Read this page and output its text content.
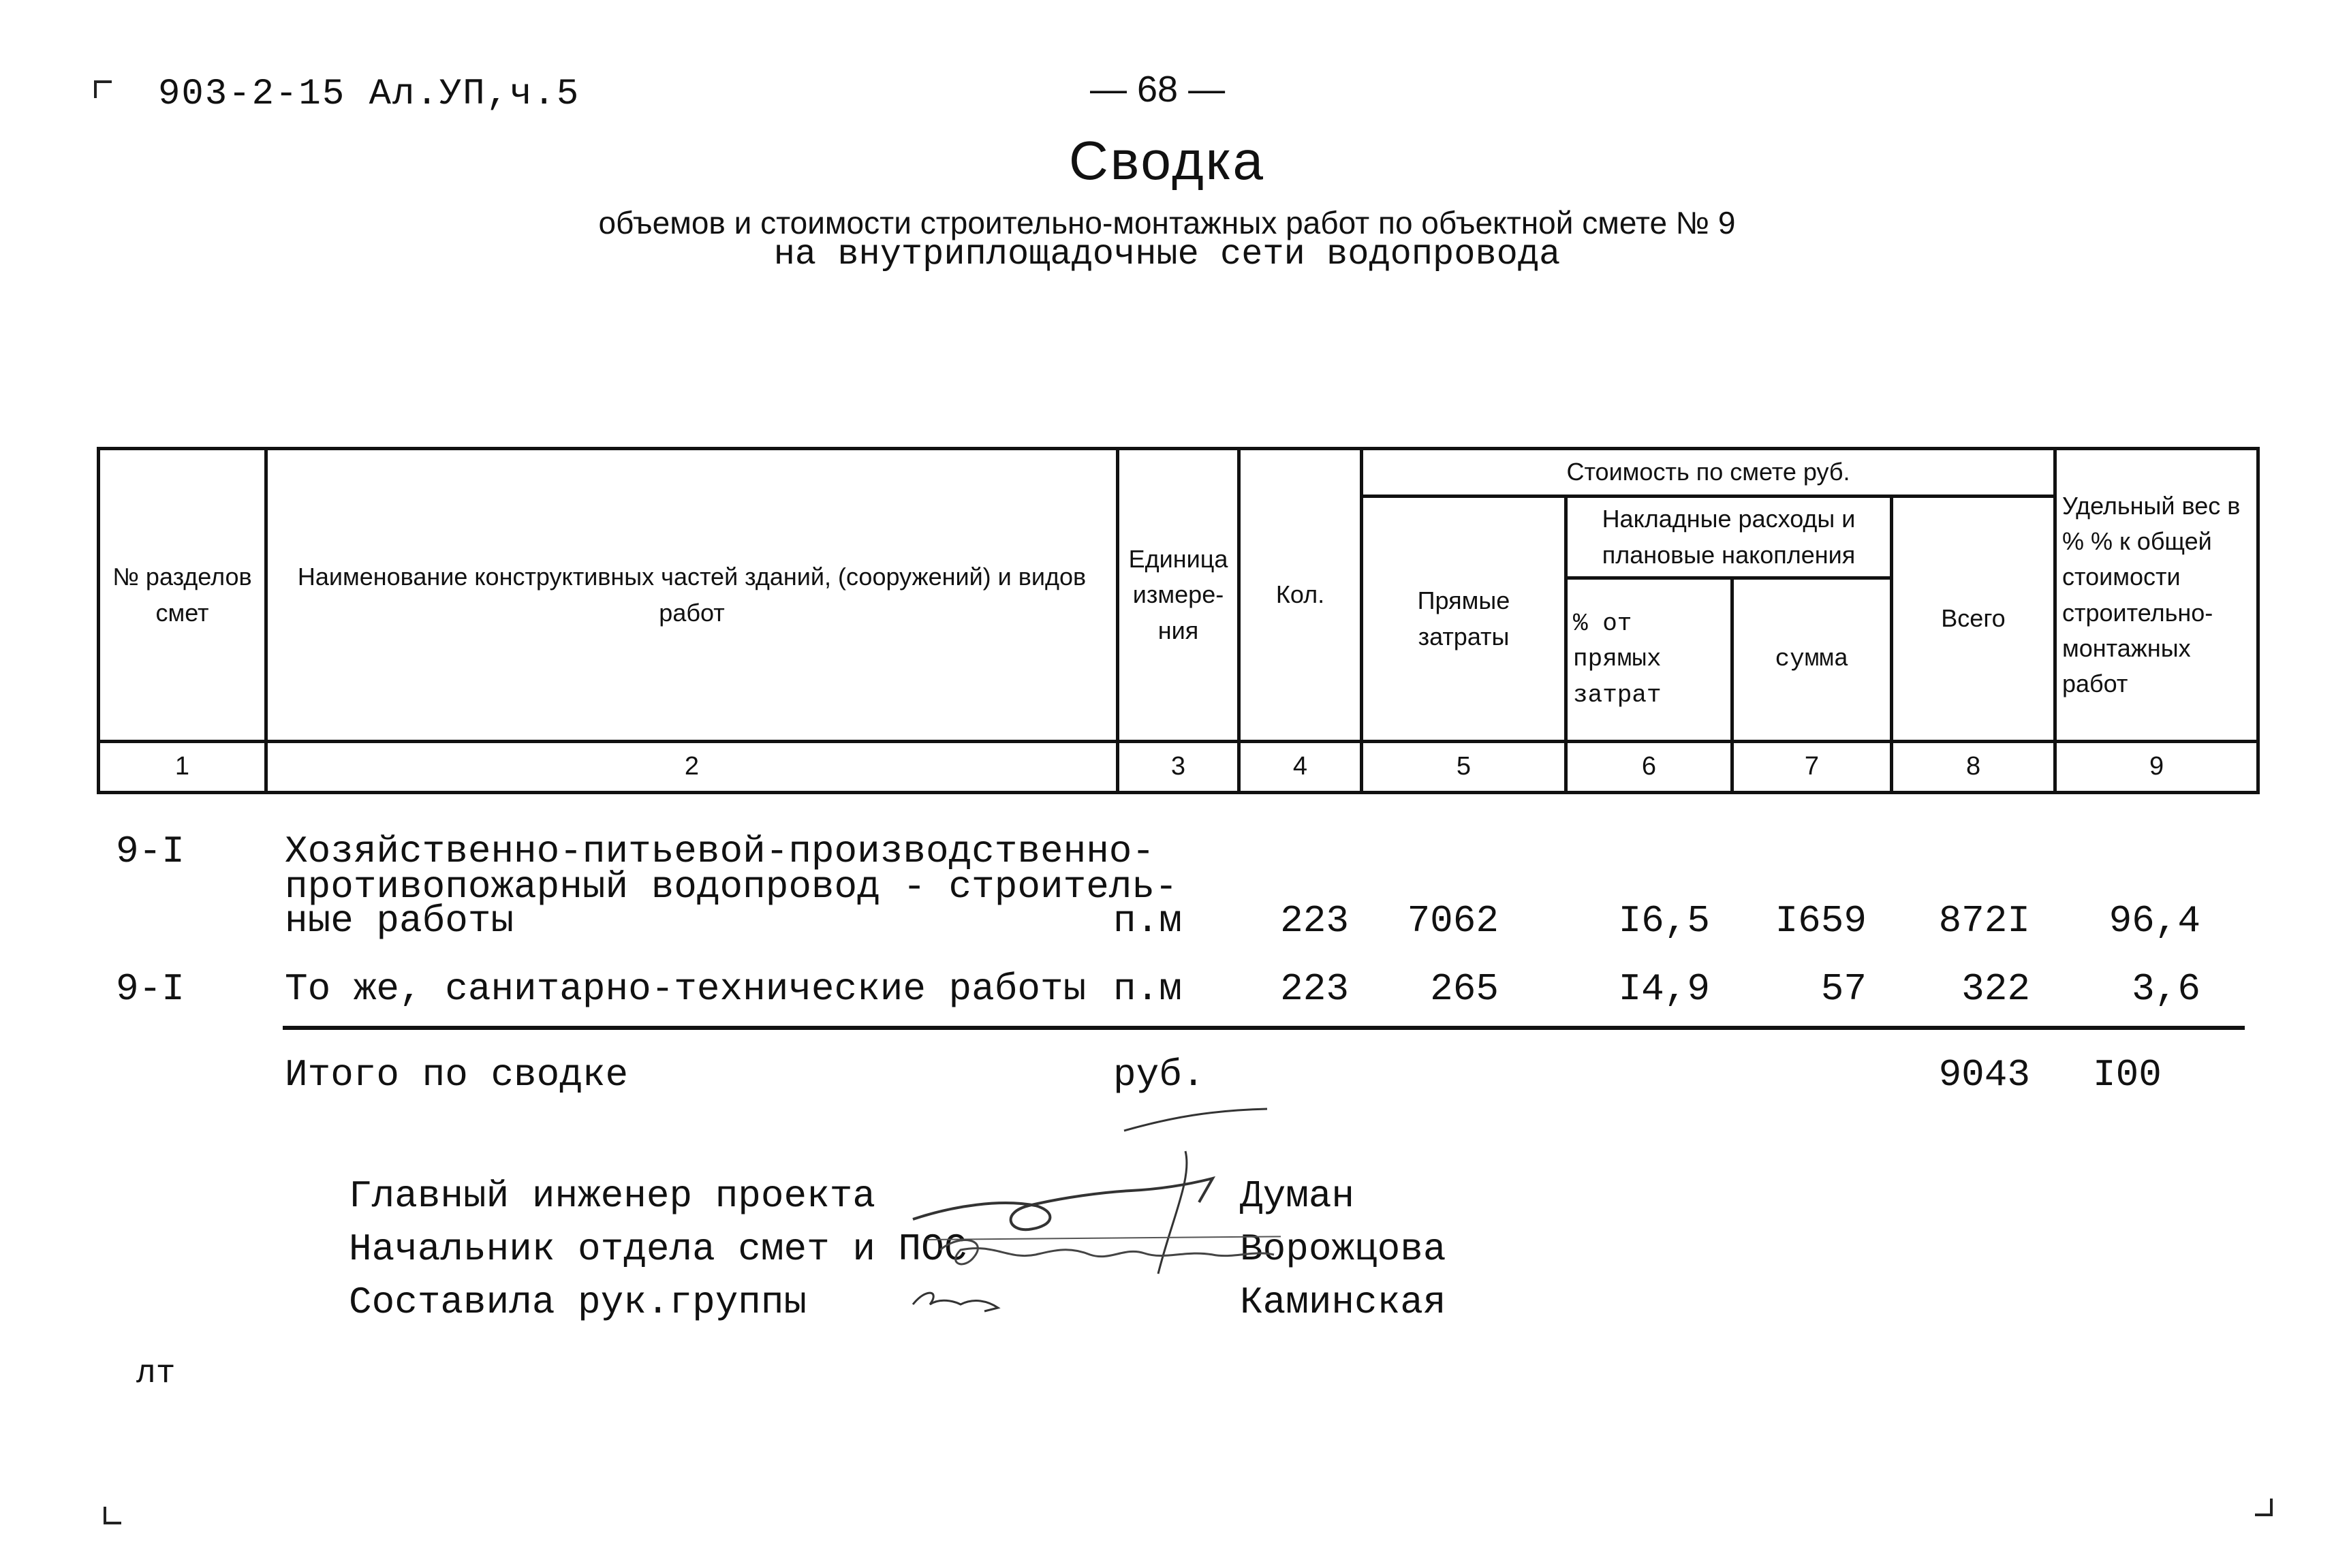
903-2-15 Ал.УП,ч.5	— 68 —
Сводка
объемов и стоимости строительно-монтажных работ по объектной смете № 9
на внутриплощадочные сети водопровода
№ разделов смет	Наименование конструктивных частей зданий, (сооружений) и видов работ	Единица измере- ния	Кол.	Стоимость по смете руб.				Удельный вес в % % к общей стоимости строительно- монтажных работ
				Прямые затраты	Накладные расходы и плановые накопления		Всего	
					% от прямых затрат	сумма		
1	2	3	4	5	6	7	8	9
9-I	Хозяйственно-питьевой-производственно-
противопожарный водопровод - строитель-
ные работы	п.м	223	7062	I6,5	I659	872I	96,4
9-I	То же, санитарно-технические работы п.м	223	265	I4,9	57	322	3,6
Итого по сводке	руб.	9043 I00
Главный инженер проекта	Думан
Начальник отдела смет и ПОС	Ворожцова
Составила рук.группы	Каминская
лт
